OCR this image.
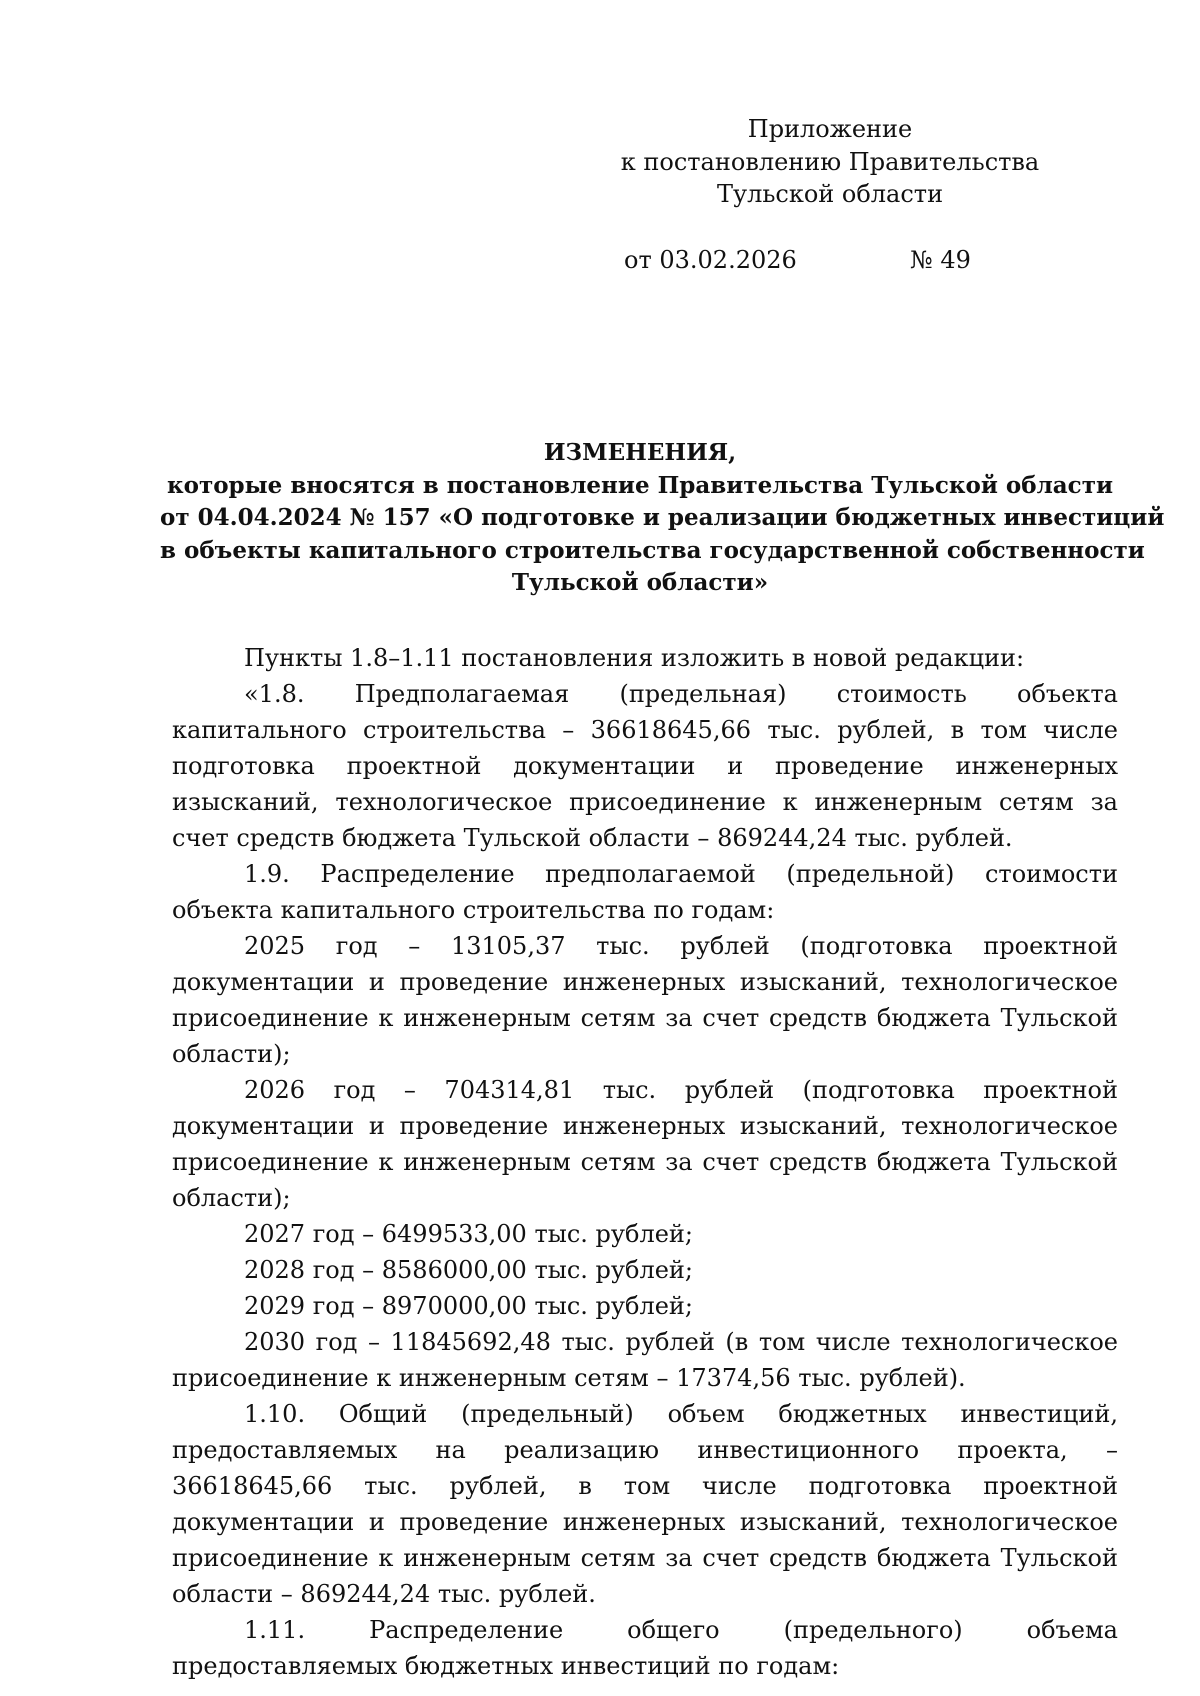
Приложение
к постановлению Правительства
Тульской области
от 03.02.2026	№ 49
ИЗМЕНЕНИЯ,
которые вносятся в постановление Правительства Тульской области
от 04.04.2024 № 157 «О подготовке и реализации бюджетных инвестиций
в объекты капитального строительства государственной собственности
Тульской области»

Пункты 1.8–1.11 постановления изложить в новой редакции:

«1.8. Предполагаемая (предельная) стоимость объекта капитального строительства – 36618645,66 тыс. рублей, в том числе подготовка проектной документации и проведение инженерных изысканий, технологическое присоединение к инженерным сетям за счет средств бюджета Тульской области – 869244,24 тыс. рублей.

1.9. Распределение предполагаемой (предельной) стоимости объекта капитального строительства по годам:

2025 год – 13105,37 тыс. рублей (подготовка проектной документации и проведение инженерных изысканий, технологическое присоединение к инженерным сетям за счет средств бюджета Тульской области);

2026 год – 704314,81 тыс. рублей (подготовка проектной документации и проведение инженерных изысканий, технологическое присоединение к инженерным сетям за счет средств бюджета Тульской области);

2027 год – 6499533,00 тыс. рублей;

2028 год – 8586000,00 тыс. рублей;

2029 год – 8970000,00 тыс. рублей;

2030 год – 11845692,48 тыс. рублей (в том числе технологическое присоединение к инженерным сетям – 17374,56 тыс. рублей).

1.10. Общий (предельный) объем бюджетных инвестиций, предоставляемых на реализацию инвестиционного проекта, – 36618645,66 тыс. рублей, в том числе подготовка проектной документации и проведение инженерных изысканий, технологическое присоединение к инженерным сетям за счет средств бюджета Тульской области – 869244,24 тыс. рублей.

1.11. Распределение общего (предельного) объема предоставляемых бюджетных инвестиций по годам:
